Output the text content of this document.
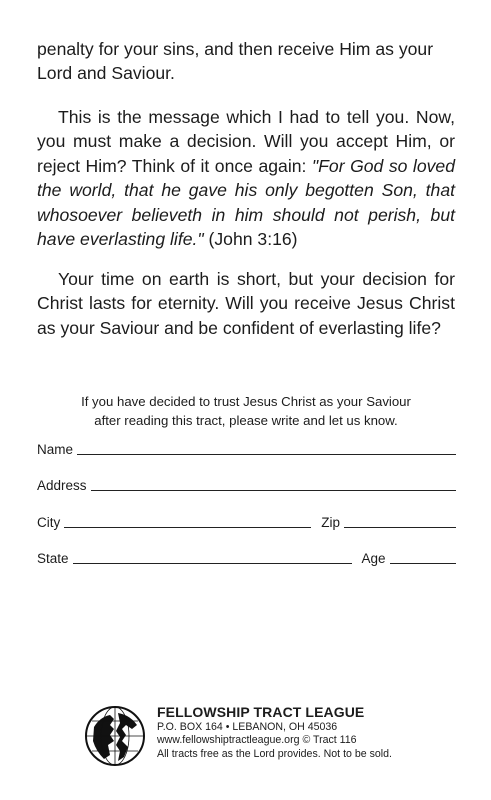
penalty for your sins, and then receive Him as your Lord and Saviour.

This is the message which I had to tell you. Now, you must make a decision. Will you accept Him, or reject Him? Think of it once again: "For God so loved the world, that he gave his only begotten Son, that whosoever believeth in him should not perish, but have everlasting life." (John 3:16)

Your time on earth is short, but your decision for Christ lasts for eternity. Will you receive Jesus Christ as your Saviour and be confident of everlasting life?

If you have decided to trust Jesus Christ as your Saviour
after reading this tract, please write and let us know.
Name
Address
City	Zip
State	Age
FELLOWSHIP TRACT LEAGUE
P.O. BOX 164 • LEBANON, OH 45036
www.fellowshiptractleague.org © Tract 116
All tracts free as the Lord provides. Not to be sold.
